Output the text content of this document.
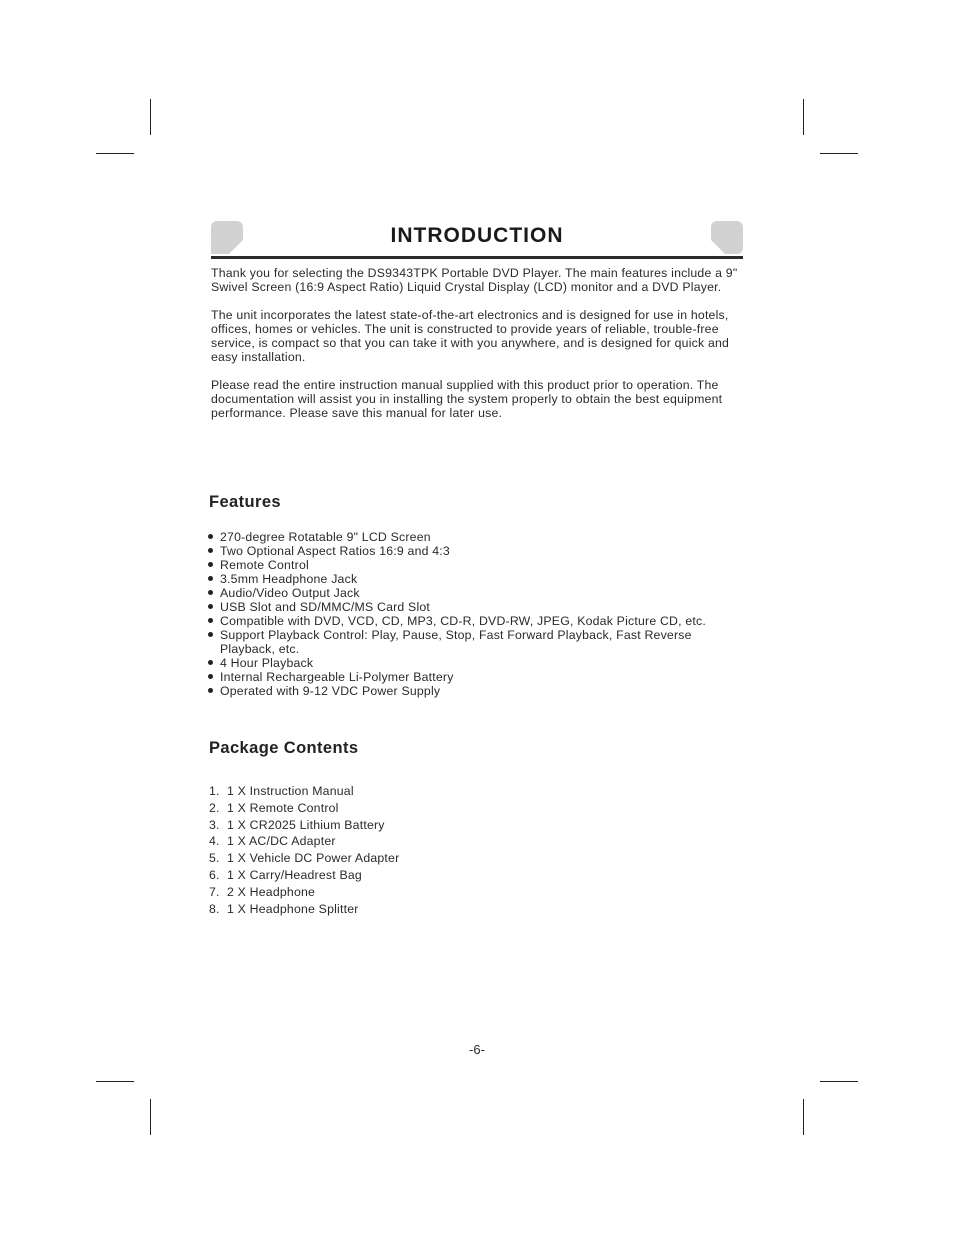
INTRODUCTION

Thank you for selecting the DS9343TPK Portable DVD Player. The main features include a 9" Swivel Screen (16:9 Aspect Ratio) Liquid Crystal Display (LCD) monitor and a DVD Player.

The unit incorporates the latest state-of-the-art electronics and is designed for use in hotels, offices, homes or vehicles. The unit is constructed to provide years of reliable, trouble-free service, is compact so that you can take it with you anywhere, and is designed for quick and easy installation.

Please read the entire instruction manual supplied with this product prior to operation. The documentation will assist you in installing the system properly to obtain the best equipment performance. Please save this manual for later use.

Features
270-degree Rotatable 9" LCD Screen
Two Optional Aspect Ratios 16:9 and 4:3
Remote Control
3.5mm Headphone Jack
Audio/Video Output Jack
USB Slot and SD/MMC/MS Card Slot
Compatible with DVD, VCD, CD, MP3, CD-R, DVD-RW, JPEG, Kodak Picture CD, etc.
Support Playback Control: Play, Pause, Stop, Fast Forward Playback, Fast Reverse Playback, etc.
4 Hour Playback
Internal Rechargeable Li-Polymer Battery
Operated with 9-12 VDC Power Supply
Package Contents
1. 1 X Instruction Manual
2. 1 X Remote Control
3. 1 X CR2025 Lithium Battery
4. 1 X AC/DC Adapter
5. 1 X Vehicle DC Power Adapter
6. 1 X Carry/Headrest Bag
7. 2 X Headphone
8. 1 X Headphone Splitter
-6-
